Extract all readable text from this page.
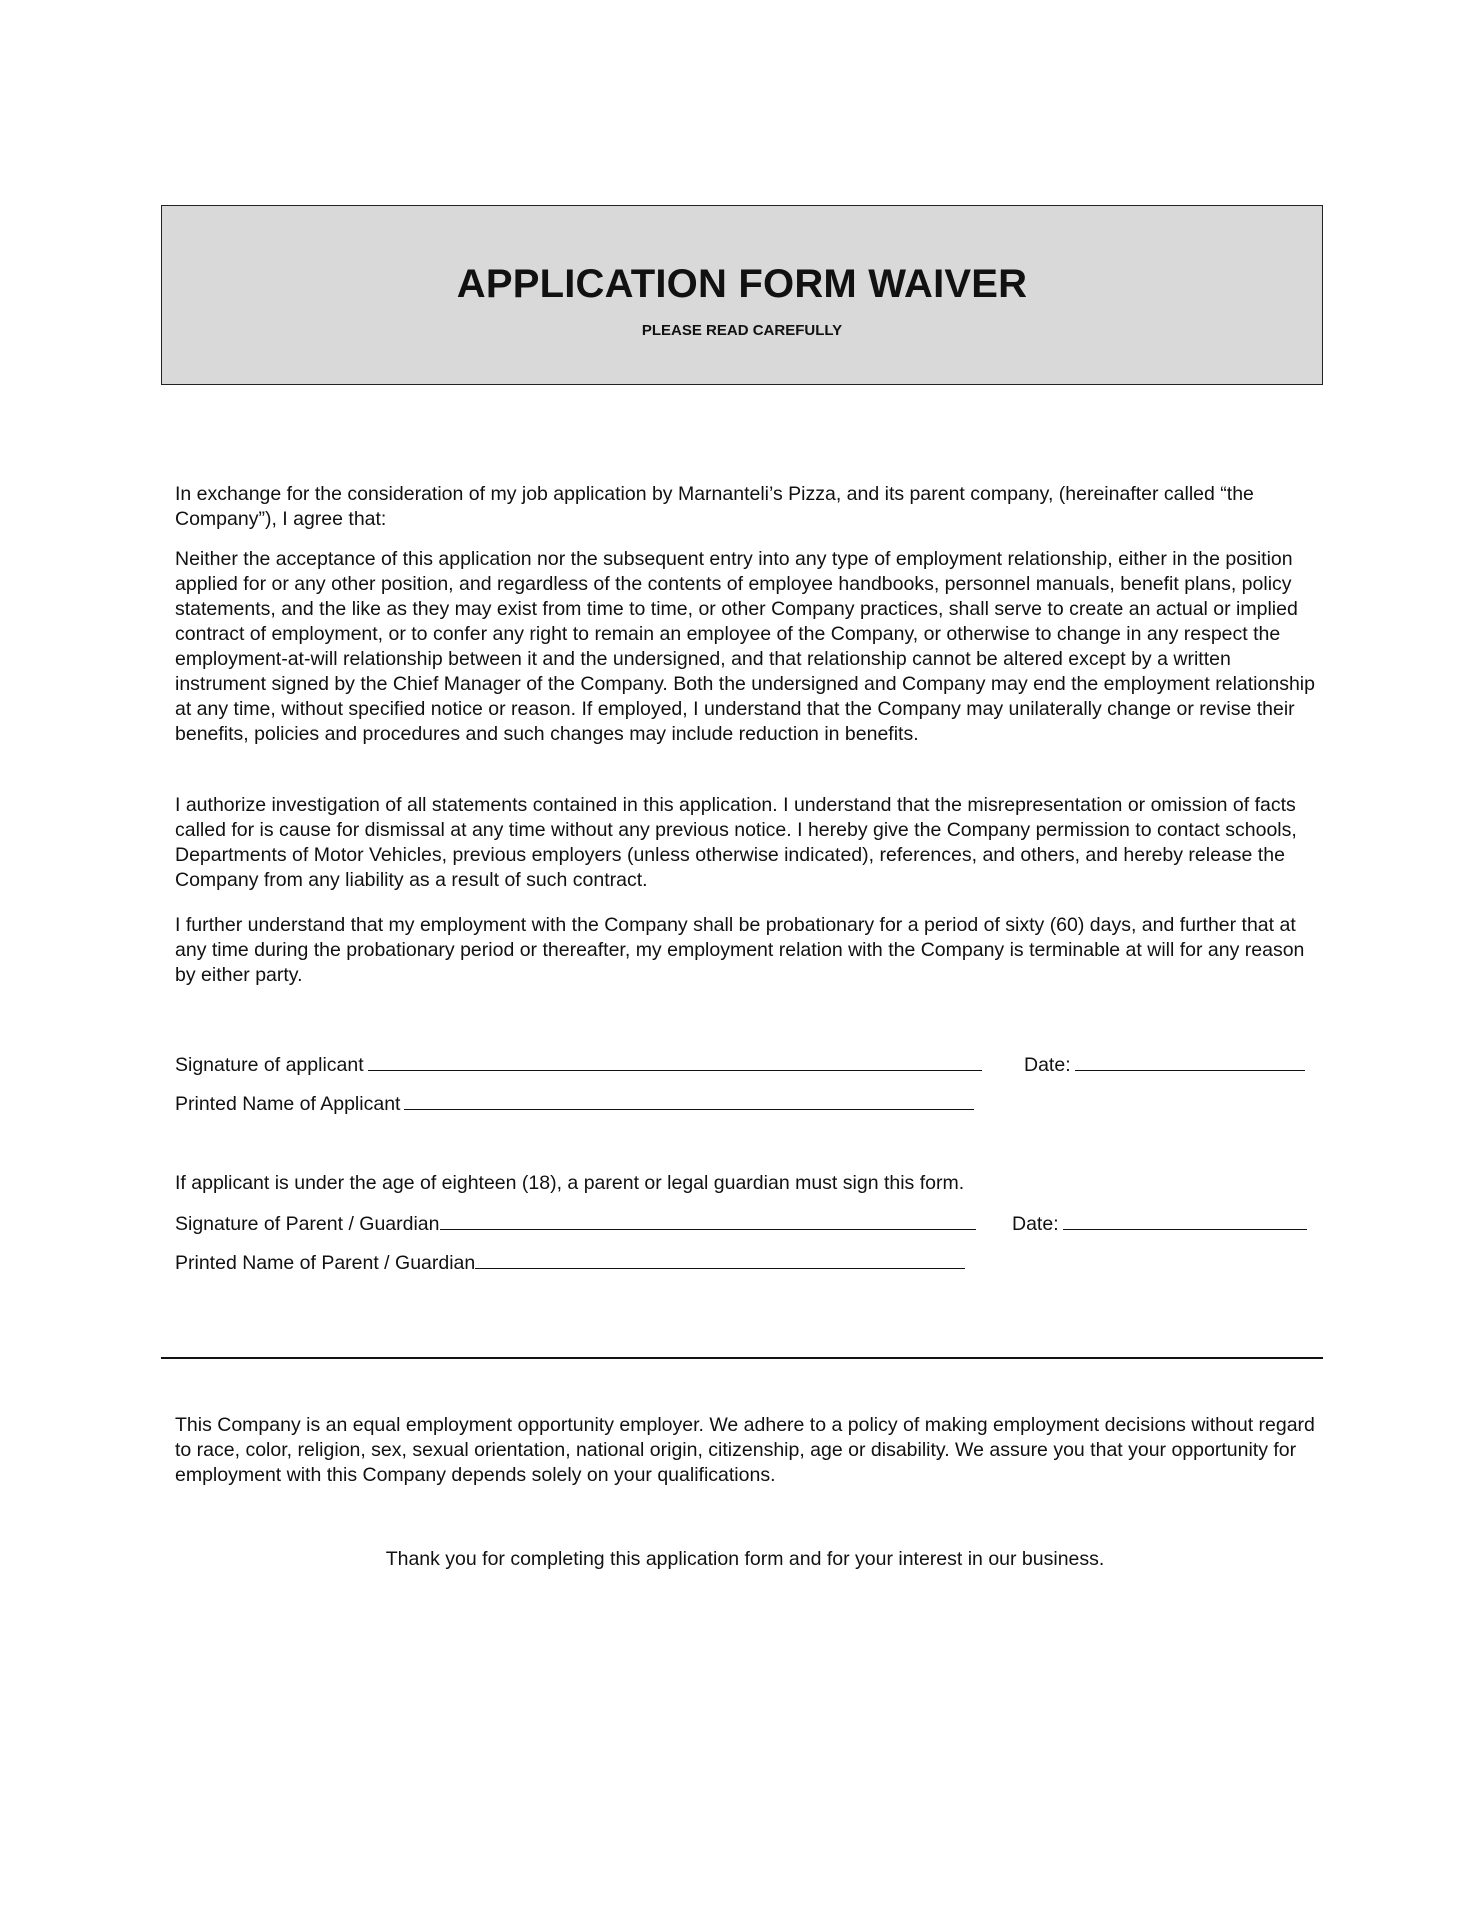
APPLICATION FORM WAIVER
PLEASE READ CAREFULLY

In exchange for the consideration of my job application by Marnanteli’s Pizza, and its parent company, (hereinafter called “the Company”), I agree that:

Neither the acceptance of this application nor the subsequent entry into any type of employment relationship, either in the position applied for or any other position, and regardless of the contents of employee handbooks, personnel manuals, benefit plans, policy statements, and the like as they may exist from time to time, or other Company practices, shall serve to create an actual or implied contract of employment, or to confer any right to remain an employee of the Company, or otherwise to change in any respect the employment-at-will relationship between it and the undersigned, and that relationship cannot be altered except by a written instrument signed by the Chief Manager of the Company. Both the undersigned and Company may end the employment relationship at any time, without specified notice or reason. If employed, I understand that the Company may unilaterally change or revise their benefits, policies and procedures and such changes may include reduction in benefits.

I authorize investigation of all statements contained in this application. I understand that the misrepresentation or omission of facts called for is cause for dismissal at any time without any previous notice. I hereby give the Company permission to contact schools, Departments of Motor Vehicles, previous employers (unless otherwise indicated), references, and others, and hereby release the Company from any liability as a result of such contract.

I further understand that my employment with the Company shall be probationary for a period of sixty (60) days, and further that at any time during the probationary period or thereafter, my employment relation with the Company is terminable at will for any reason by either party.

Signature of applicant	Date:
Printed Name of Applicant
If applicant is under the age of eighteen (18), a parent or legal guardian must sign this form.
Signature of Parent / Guardian	Date:
Printed Name of Parent / Guardian

This Company is an equal employment opportunity employer. We adhere to a policy of making employment decisions without regard to race, color, religion, sex, sexual orientation, national origin, citizenship, age or disability. We assure you that your opportunity for employment with this Company depends solely on your qualifications.

Thank you for completing this application form and for your interest in our business.
